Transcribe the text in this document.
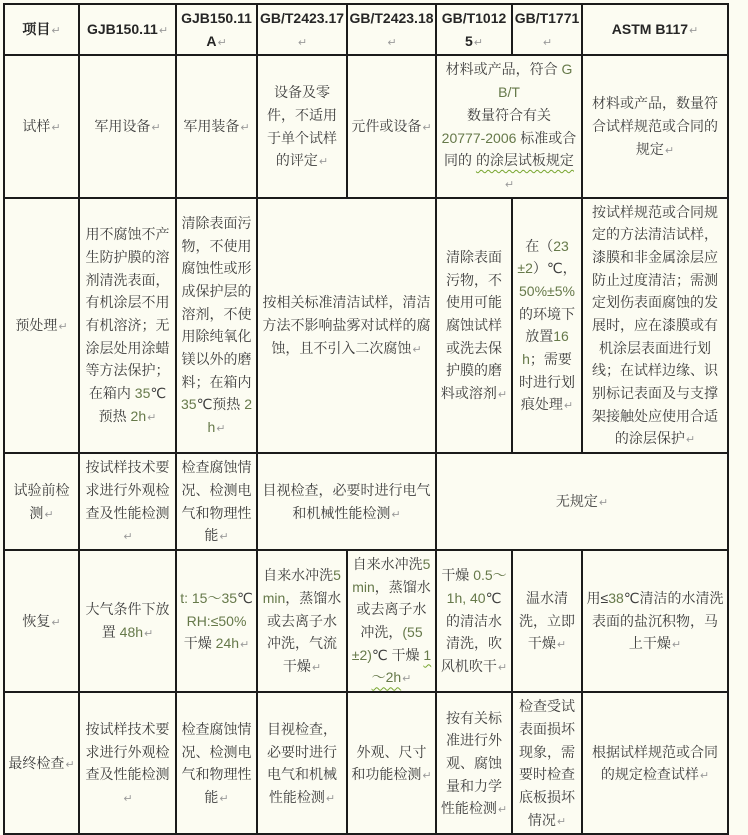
项目 ↵	GJB150.11 ↵	GJB150.11A ↵	GB/T2423.17 ↵	GB/T2423.18 ↵	GB/T10125 ↵	GB/T1771 ↵	ASTM B117 ↵
试样 ↵	军用设备 ↵	军用装备 ↵	设备及零件，不适用于单个试样的评定 ↵	元件或设备 ↵	材料或产品，符合 GB/T
数量符合有关
20777-2006 标准或合
同的 的涂层试板规定 ↵		材料或产品，数量符合试样规范或合同的规定 ↵
预处理 ↵	用不腐蚀不产生防护膜的溶剂清洗表面，有机涂层不用有机溶济；无涂层处用涂蜡等方法保护；在箱内 35℃预热 2h ↵	清除表面污物，不使用腐蚀性或形成保护层的溶剂，不使用除纯氧化镁以外的磨料；在箱内 35℃预热 2h ↵	按相关标准清洁试样，清洁方法不影响盐雾对试样的腐蚀，且不引入二次腐蚀 ↵		清除表面污物，不使用可能腐蚀试样或洗去保护膜的磨料或溶剂 ↵	在（23±2）℃，50%±5%的环境下放置16h；需要时进行划痕处理 ↵	按试样规范或合同规定的方法清洁试样，漆膜和非金属涂层应防止过度清洁；需测定划伤表面腐蚀的发展时，应在漆膜或有机涂层表面进行划线；在试样边缘、识别标记表面及与支撑架接触处应使用合适的涂层保护 ↵
试验前检测 ↵	按试样技术要求进行外观检查及性能检测 ↵	检查腐蚀情况、检测电气和物理性能 ↵	目视检查，必要时进行电气和机械性能检测 ↵		无规定 ↵
恢复 ↵	大气条件下放置 48h ↵	t: 15～35℃
RH:≤50%
干燥 24h ↵	自来水冲洗5min，蒸馏水或去离子水冲洗，气流干燥 ↵	自来水冲洗5min，蒸馏水或去离子水冲洗，(55±2)℃ 干燥 1～2h ↵	干燥 0.5～1h, 40℃的清洁水清洗，吹风机吹干 ↵	温水清洗，立即干燥 ↵	用≤38℃清洁的水清洗表面的盐沉积物，马上干燥 ↵
最终检查 ↵	按试样技术要求进行外观检查及性能检测 ↵	检查腐蚀情况、检测电气和物理性能 ↵	目视检查，必要时进行电气和机械性能检测 ↵	外观、尺寸和功能检测 ↵	按有关标准进行外观、腐蚀量和力学性能检测 ↵	检查受试表面损坏现象，需要时检查底板损坏情况 ↵	根据试样规范或合同的规定检查试样 ↵
